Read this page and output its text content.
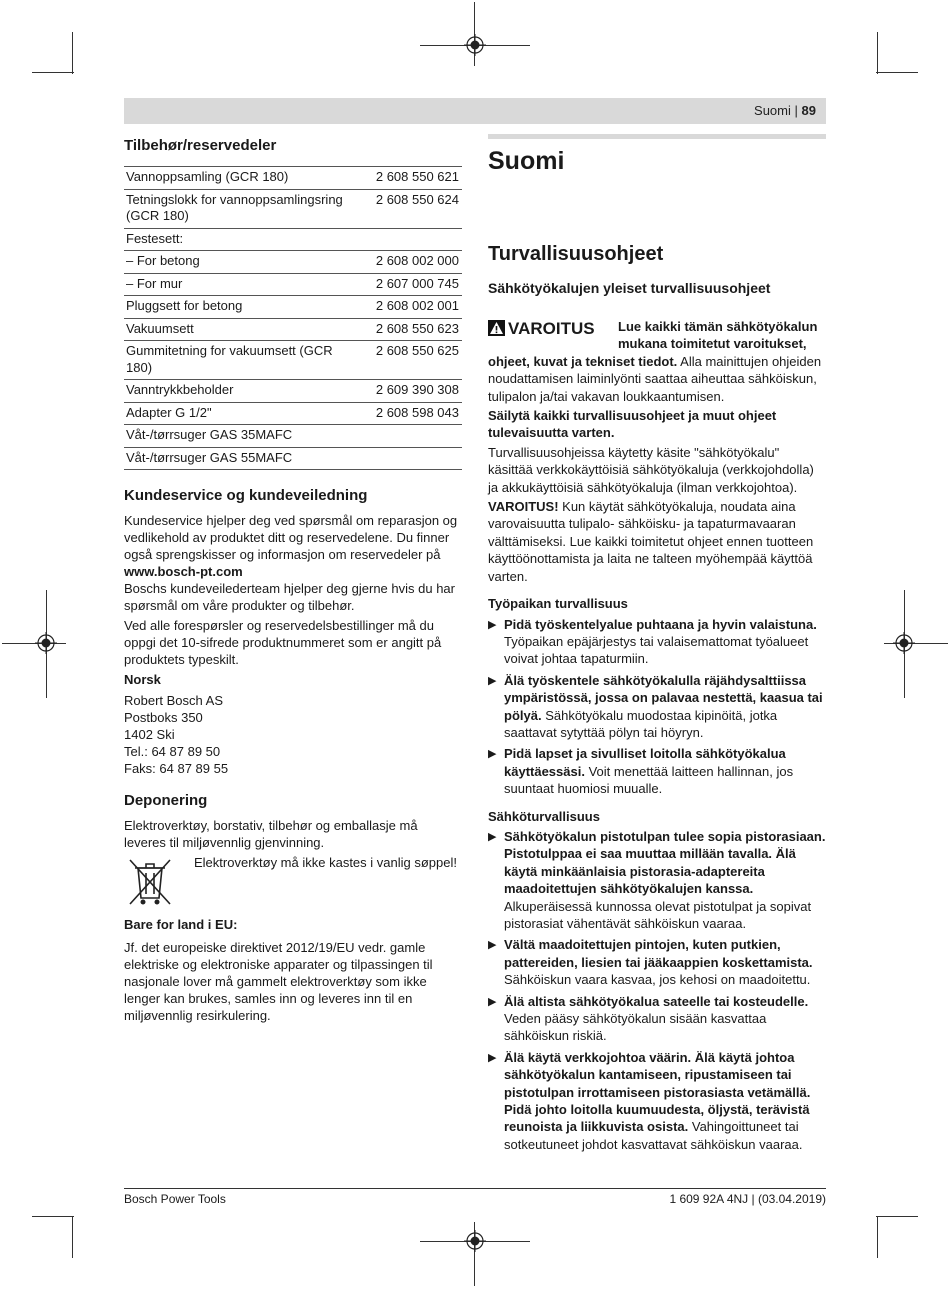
Suomi | 89
Tilbehør/reservedeler
Vannoppsamling (GCR 180)	2 608 550 621
Tetningslokk for vannoppsamlingsring (GCR 180)	2 608 550 624
Festesett:	
– For betong	2 608 002 000
– For mur	2 607 000 745
Pluggsett for betong	2 608 002 001
Vakuumsett	2 608 550 623
Gummitetning for vakuumsett (GCR 180)	2 608 550 625
Vanntrykkbeholder	2 609 390 308
Adapter G 1/2"	2 608 598 043
Våt-/tørrsuger GAS 35MAFC	
Våt-/tørrsuger GAS 55MAFC	
Kundeservice og kundeveiledning

Kundeservice hjelper deg ved spørsmål om reparasjon og vedlikehold av produktet ditt og reservedelene. Du finner også sprengskisser og informasjon om reservedeler på
www.bosch-pt.com

Boschs kundeveilederteam hjelper deg gjerne hvis du har spørsmål om våre produkter og tilbehør.

Ved alle forespørsler og reservedelsbestillinger må du oppgi det 10-sifrede produktnummeret som er angitt på produktets typeskilt.

Norsk

Robert Bosch AS
Postboks 350
1402 Ski
Tel.: 64 87 89 50
Faks: 64 87 89 55
Deponering

Elektroverktøy, borstativ, tilbehør og emballasje må leveres til miljøvennlig gjenvinning.

Elektroverktøy må ikke kastes i vanlig søppel!

Bare for land i EU:

Jf. det europeiske direktivet 2012/19/EU vedr. gamle elektriske og elektroniske apparater og tilpassingen til nasjonale lover må gammelt elektroverktøy som ikke lenger kan brukes, samles inn og leveres inn til en miljøvennlig resirkulering.

Suomi
Turvallisuusohjeet
Sähkötyökalujen yleiset turvallisuusohjeet
VAROITUS	Lue kaikki tämän sähkötyökalun mukana toimitetut varoitukset, ohjeet, kuvat ja tekniset tiedot. Alla mainittujen ohjeiden noudattamisen laiminlyönti saattaa aiheuttaa sähköiskun, tulipalon ja/tai vakavan loukkaantumisen.

Säilytä kaikki turvallisuusohjeet ja muut ohjeet tulevaisuutta varten.

Turvallisuusohjeissa käytetty käsite "sähkötyökalu" käsittää verkkokäyttöisiä sähkötyökaluja (verkkojohdolla) ja akkukäyttöisiä sähkötyökaluja (ilman verkkojohtoa).

VAROITUS! Kun käytät sähkötyökaluja, noudata aina varovaisuutta tulipalo- sähköisku- ja tapaturmavaaran välttämiseksi. Lue kaikki toimitetut ohjeet ennen tuotteen käyttöönottamista ja laita ne talteen myöhempää käyttöä varten.

Työpaikan turvallisuus
▶ Pidä työskentelyalue puhtaana ja hyvin valaistuna. Työpaikan epäjärjestys tai valaisemattomat työalueet voivat johtaa tapaturmiin.
▶ Älä työskentele sähkötyökalulla räjähdysalttiissa ympäristössä, jossa on palavaa nestettä, kaasua tai pölyä. Sähkötyökalu muodostaa kipinöitä, jotka saattavat sytyttää pölyn tai höyryn.
▶ Pidä lapset ja sivulliset loitolla sähkötyökalua käyttäessäsi. Voit menettää laitteen hallinnan, jos suuntaat huomiosi muualle.
Sähköturvallisuus
▶ Sähkötyökalun pistotulpan tulee sopia pistorasiaan. Pistotulppaa ei saa muuttaa millään tavalla. Älä käytä minkäänlaisia pistorasia-adaptereita maadoitettujen sähkötyökalujen kanssa. Alkuperäisessä kunnossa olevat pistotulpat ja sopivat pistorasiat vähentävät sähköiskun vaaraa.
▶ Vältä maadoitettujen pintojen, kuten putkien, pattereiden, liesien tai jääkaappien koskettamista. Sähköiskun vaara kasvaa, jos kehosi on maadoitettu.
▶ Älä altista sähkötyökalua sateelle tai kosteudelle. Veden pääsy sähkötyökalun sisään kasvattaa sähköiskun riskiä.
▶ Älä käytä verkkojohtoa väärin. Älä käytä johtoa sähkötyökalun kantamiseen, ripustamiseen tai pistotulpan irrottamiseen pistorasiasta vetämällä. Pidä johto loitolla kuumuudesta, öljystä, terävistä reunoista ja liikkuvista osista. Vahingoittuneet tai sotkeutuneet johdot kasvattavat sähköiskun vaaraa.
Bosch Power Tools	1 609 92A 4NJ | (03.04.2019)
